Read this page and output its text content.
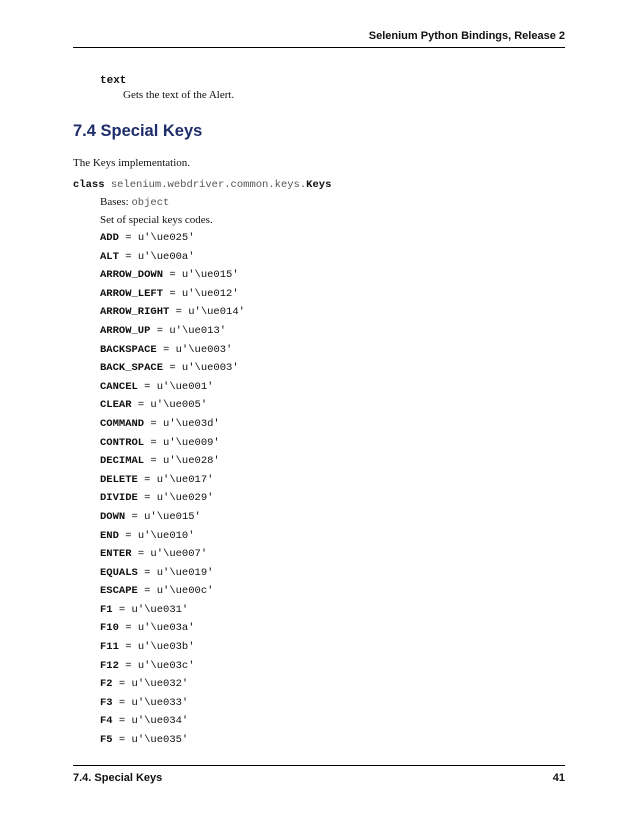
Selenium Python Bindings, Release 2
text
Gets the text of the Alert.
7.4 Special Keys
The Keys implementation.
class selenium.webdriver.common.keys.Keys
Bases: object
Set of special keys codes.
ADD = u'\ue025'
ALT = u'\ue00a'
ARROW_DOWN = u'\ue015'
ARROW_LEFT = u'\ue012'
ARROW_RIGHT = u'\ue014'
ARROW_UP = u'\ue013'
BACKSPACE = u'\ue003'
BACK_SPACE = u'\ue003'
CANCEL = u'\ue001'
CLEAR = u'\ue005'
COMMAND = u'\ue03d'
CONTROL = u'\ue009'
DECIMAL = u'\ue028'
DELETE = u'\ue017'
DIVIDE = u'\ue029'
DOWN = u'\ue015'
END = u'\ue010'
ENTER = u'\ue007'
EQUALS = u'\ue019'
ESCAPE = u'\ue00c'
F1 = u'\ue031'
F10 = u'\ue03a'
F11 = u'\ue03b'
F12 = u'\ue03c'
F2 = u'\ue032'
F3 = u'\ue033'
F4 = u'\ue034'
F5 = u'\ue035'
7.4. Special Keys	41
